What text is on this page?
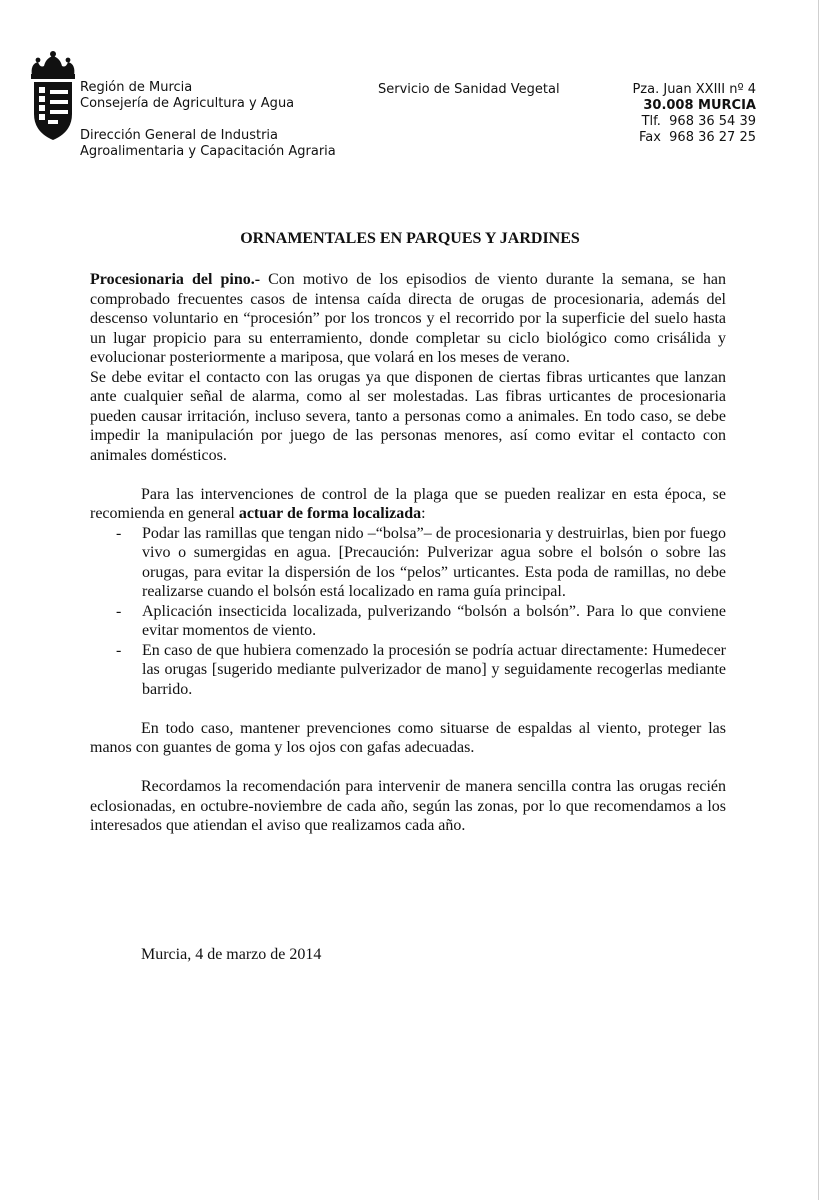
Región de Murcia
Consejería de Agricultura y Agua
Dirección General de Industria
Agroalimentaria y Capacitación Agraria
Servicio de Sanidad Vegetal	Pza. Juan XXIII nº 4
30.008 MURCIA
Tlf.  968 36 54 39
Fax  968 36 27 25
ORNAMENTALES EN PARQUES Y JARDINES

Procesionaria del pino.- Con motivo de los episodios de viento durante la semana, se han comprobado frecuentes casos de intensa caída directa de orugas de procesionaria, además del descenso voluntario en “procesión” por los troncos y el recorrido por la superficie del suelo hasta un lugar propicio para su enterramiento, donde completar su ciclo biológico como crisálida y evolucionar posteriormente a mariposa, que volará en los meses de verano.

Se debe evitar el contacto con las orugas ya que disponen de ciertas fibras urticantes que lanzan ante cualquier señal de alarma, como al ser molestadas. Las fibras urticantes de procesionaria pueden causar irritación, incluso severa, tanto a personas como a animales. En todo caso, se debe impedir la manipulación por juego de las personas menores, así como evitar el contacto con animales domésticos.

Para las intervenciones de control de la plaga que se pueden realizar en esta época, se recomienda en general actuar de forma localizada:

- Podar las ramillas que tengan nido –“bolsa”– de procesionaria y destruirlas, bien por fuego vivo o sumergidas en agua. [Precaución: Pulverizar agua sobre el bolsón o sobre las orugas, para evitar la dispersión de los “pelos” urticantes. Esta poda de ramillas, no debe realizarse cuando el bolsón está localizado en rama guía principal.
- Aplicación insecticida localizada, pulverizando “bolsón a bolsón”. Para lo que conviene evitar momentos de viento.
- En caso de que hubiera comenzado la procesión se podría actuar directamente: Humedecer las orugas [sugerido mediante pulverizador de mano] y seguidamente recogerlas mediante barrido.

En todo caso, mantener prevenciones como situarse de espaldas al viento, proteger las manos con guantes de goma y los ojos con gafas adecuadas.

Recordamos la recomendación para intervenir de manera sencilla contra las orugas recién eclosionadas, en octubre-noviembre de cada año, según las zonas, por lo que recomendamos a los interesados que atiendan el aviso que realizamos cada año.

Murcia, 4 de marzo de 2014
